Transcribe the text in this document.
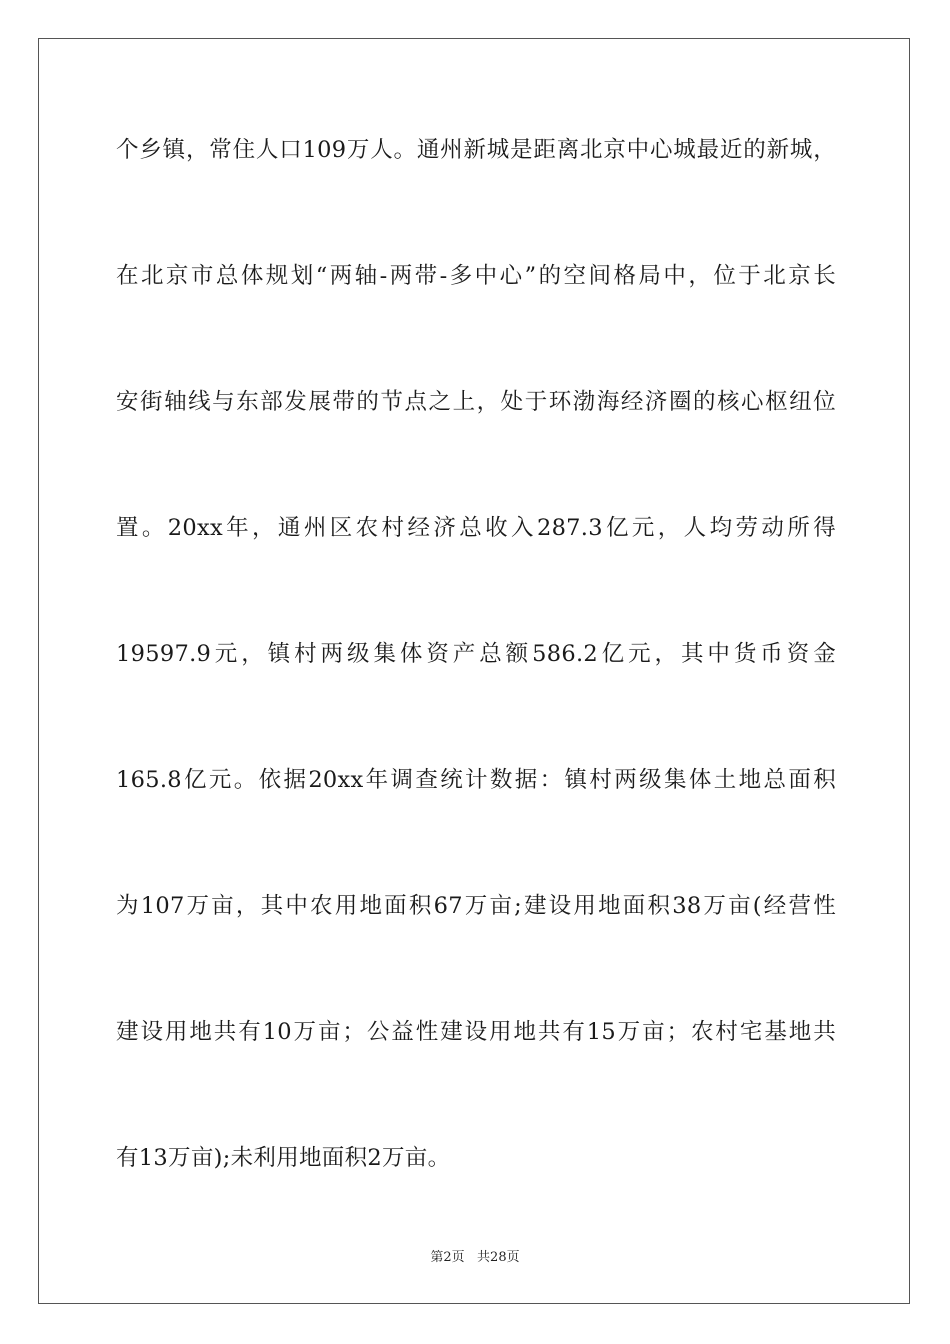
个乡镇，常住人口109万人。通州新城是距离北京中心城最近的新城，
在北京市总体规划“两轴-两带-多中心”的空间格局中，位于北京长
安街轴线与东部发展带的节点之上，处于环渤海经济圈的核心枢纽位
置。20xx年，通州区农村经济总收入287.3亿元，人均劳动所得
19597.9元，镇村两级集体资产总额586.2亿元，其中货币资金
165.8亿元。依据20xx年调查统计数据：镇村两级集体土地总面积
为107万亩，其中农用地面积67万亩;建设用地面积38万亩(经营性
建设用地共有10万亩；公益性建设用地共有15万亩；农村宅基地共
有13万亩);未利用地面积2万亩。
第2页   共28页
